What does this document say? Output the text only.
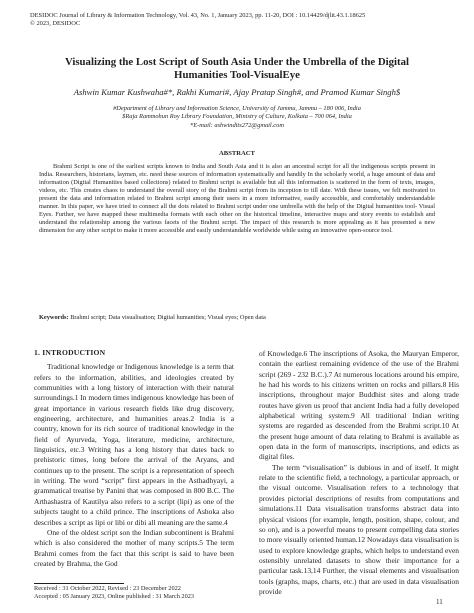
DESIDOC Journal of Library & Information Technology, Vol. 43, No. 1, January 2023, pp. 11-20, DOI : 10.14429/djlit.43.1.18625
© 2023, DESIDOC
Visualizing the Lost Script of South Asia Under the Umbrella of the Digital Humanities Tool-VisualEye
Ashwin Kumar Kushwaha#*, Rakhi Kumari#, Ajay Pratap Singh#, and Pramod Kumar Singh$
#Department of Library and Information Science, University of Jammu, Jammu – 180 006, India
$Raja Rammohun Roy Library Foundation, Ministry of Culture, Kolkata – 700 064, India
*E-mail: ashwindits272@gmail.com
ABSTRACT

Brahmi Script is one of the earliest scripts known to India and South Asia and it is also an ancestral script for all the indigenous scripts present in India. Researchers, historians, laymen, etc. need these sources of information systematically and handily In the scholarly world, a huge amount of data and information (Digital Humanities based collections) related to Brahmi script is available but all this information is scattered in the form of texts, images, videos, etc. This creates chaos to understand the overall story of the Brahmi script from its inception to till date. With these issues, we felt motivated to present the data and information related to Brahmi script among their users in a more informative, easily accessible, and comfortably understandable manner. In this paper, we have tried to connect all the dots related to Brahmi script under one umbrella with the help of the Digital humanities tool- Visual Eyes. Further, we have mapped these multimedia formats with each other on the historical timeline, interactive maps and story events to establish and understand the relationship among the various facets of the Brahmi script. The impact of this research is more appealing as it has presented a new dimension for any other script to make it more accessible and easily understandable worldwide while using an innovative open-source tool.

Keywords: Brahmi script; Data visualisation; Digital humanities; Visual eyes; Open data
1. INTRODUCTION

Traditional knowledge or Indigenous knowledge is a term that refers to the information, abilities, and ideologies created by communities with a long history of interaction with their natural surroundings.1 In modern times indigenous knowledge has been of great importance in various research fields like drug discovery, engineering, architecture, and humanities areas.2 India is a country, known for its rich source of traditional knowledge in the field of Ayurveda, Yoga, literature, medicine, architecture, linguistics, etc.3 Writing has a long history that dates back to prehistoric times, long before the arrival of the Aryans, and continues up to the present. The script is a representation of speech in writing. The word “script” first appears in the Asthadhyayi, a grammatical treatise by Panini that was composed in 800 B.C. The Arthashastra of Kautilya also refers to a script (lipi) as one of the subjects taught to a child prince. The inscriptions of Ashoka also describes a script as lipi or libi or dibi all meaning are the same.4

One of the oldest script son the Indian subcontinent is Brahmi which is also considered the mother of many scripts.5 The term Brahmi comes from the fact that this script is said to have been created by Brahma, the God

of Knowledge.6 The inscriptions of Asoka, the Mauryan Emperor, contain the earliest remaining evidence of the use of the Brahmi script (269 - 232 B.C.).7 At numerous locations around his empire, he had his words to his citizens written on rocks and pillars.8 His inscriptions, throughout major Buddhist sites and along trade routes have given us proof that ancient India had a fully developed alphabetical writing system.9 All traditional Indian writing systems are regarded as descended from the Brahmi script.10 At the present huge amount of data relating to Brahmi is available as open data in the form of manuscripts, inscriptions, and edicts as digital files.

The term “visualisation” is dubious in and of itself. It might relate to the scientific field, a technology, a particular approach, or the visual outcome. Visualisation refers to a technology that provides pictorial descriptions of results from computations and simulations.11 Data visualisation transforms abstract data into physical visions (for example, length, position, shape, colour, and so on), and is a powerful means to present compelling data stories to more visually oriented human.12 Nowadays data visualisation is used to explore knowledge graphs, which helps to understand even ostensibly unrelated datasets to show their importance for a particular task.13,14 Further, the visual elements and visualisation tools (graphs, maps, charts, etc.) that are used in data visualisation provide

Received : 31 October 2022, Revised : 23 December 2022
Accepted : 05 January 2023, Online published : 31 March 2023
11
